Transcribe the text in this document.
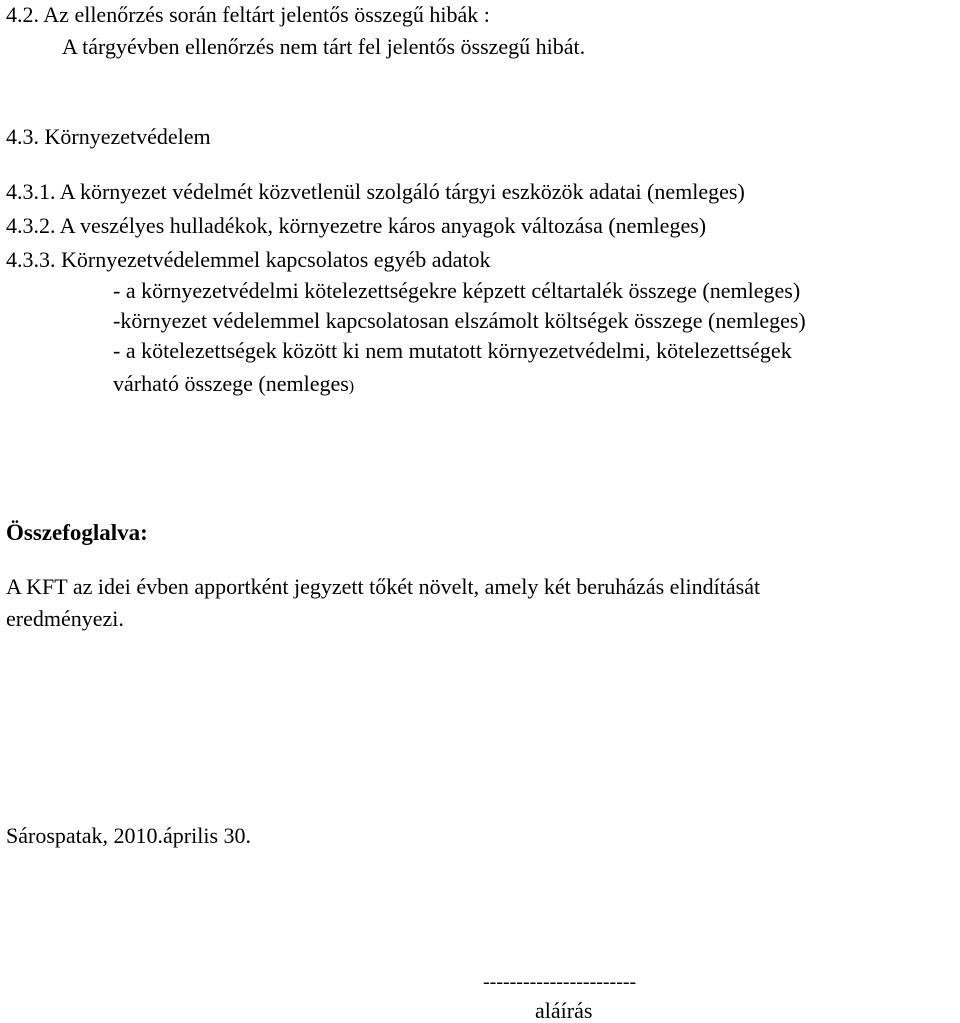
4.2. Az ellenőrzés során feltárt jelentős összegű hibák :
A tárgyévben ellenőrzés nem tárt fel jelentős összegű hibát.
4.3. Környezetvédelem
4.3.1. A környezet védelmét közvetlenül szolgáló tárgyi eszközök adatai (nemleges)
4.3.2. A veszélyes hulladékok, környezetre káros anyagok változása (nemleges)
4.3.3. Környezetvédelemmel kapcsolatos egyéb adatok
- a környezetvédelmi kötelezettségekre képzett céltartalék összege (nemleges)
-környezet védelemmel kapcsolatosan elszámolt költségek összege (nemleges)
- a kötelezettségek között ki nem mutatott környezetvédelmi, kötelezettségek
várható összege (nemleges)
Összefoglalva:
A KFT az idei évben apportként jegyzett tőkét növelt, amely két beruházás elindítását
eredményezi.
Sárospatak, 2010.április 30.
-----------------------
aláírás
